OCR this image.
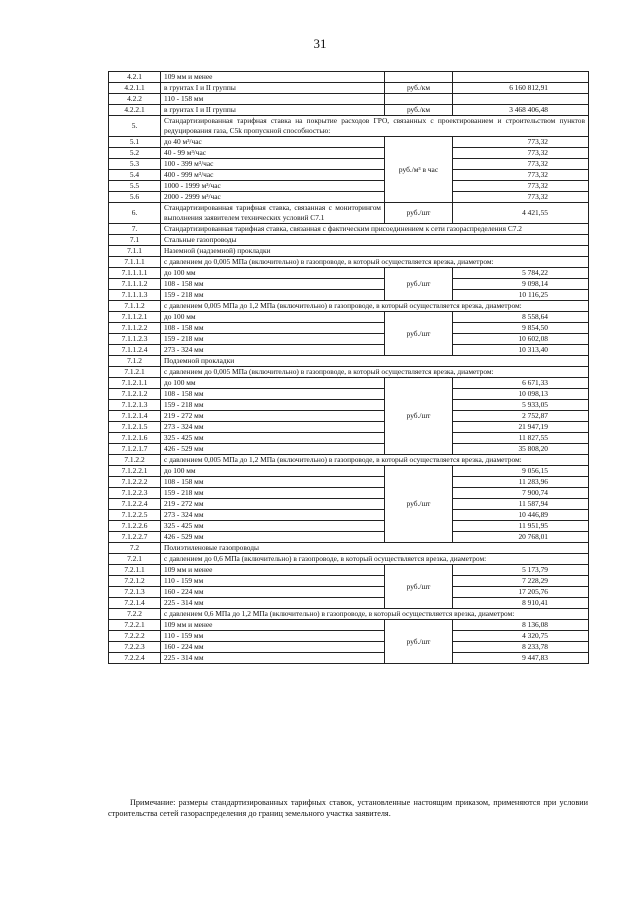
31
4.2.1	109 мм и менее		
4.2.1.1	в грунтах I и II группы	руб./км	6 160 812,91
4.2.2	110 - 158 мм		
4.2.2.1	в грунтах I и II группы	руб./км	3 468 406,48
5.	Стандартизированная тарифная ставка на покрытие расходов ГРО, связанных с проектированием и строительством пунктов редуцирования газа, C5k пропускной способностью:		
5.1	до 40 м³/час	руб./м³ в час	773,32
5.2	40 - 99 м³/час		773,32
5.3	100 - 399 м³/час		773,32
5.4	400 - 999 м³/час		773,32
5.5	1000 - 1999 м³/час		773,32
5.6	2000 - 2999 м³/час		773,32
6.	Стандартизированная тарифная ставка, связанная с мониторингом выполнения заявителем технических условий C7.1	руб./шт	4 421,55
7.	Стандартизированная тарифная ставка, связанная с фактическим присоединением к сети газораспределения C7.2		
7.1	Стальные газопроводы		
7.1.1	Наземной (надземной) прокладки		
7.1.1.1	с давлением до 0,005 МПа (включительно) в газопроводе, в который осуществляется врезка, диаметром:		
7.1.1.1.1	до 100 мм	руб./шт	5 784,22
7.1.1.1.2	108 - 158 мм		9 098,14
7.1.1.1.3	159 - 218 мм		10 116,25
7.1.1.2	с давлением 0,005 МПа до 1,2 МПа (включительно) в газопроводе, в который осуществляется врезка, диаметром:		
7.1.1.2.1	до 100 мм	руб./шт	8 558,64
7.1.1.2.2	108 - 158 мм		9 854,50
7.1.1.2.3	159 - 218 мм		10 602,08
7.1.1.2.4	273 - 324 мм		10 313,40
7.1.2	Подземной прокладки		
7.1.2.1	с давлением до 0,005 МПа (включительно) в газопроводе, в который осуществляется врезка, диаметром:		
7.1.2.1.1	до 100 мм	руб./шт	6 671,33
7.1.2.1.2	108 - 158 мм		10 098,13
7.1.2.1.3	159 - 218 мм		5 933,05
7.1.2.1.4	219 - 272 мм		2 752,87
7.1.2.1.5	273 - 324 мм		21 947,19
7.1.2.1.6	325 - 425 мм		11 827,55
7.1.2.1.7	426 - 529 мм		35 808,20
7.1.2.2	с давлением 0,005 МПа до 1,2 МПа (включительно) в газопроводе, в который осуществляется врезка, диаметром:		
7.1.2.2.1	до 100 мм	руб./шт	9 056,15
7.1.2.2.2	108 - 158 мм		11 283,96
7.1.2.2.3	159 - 218 мм		7 900,74
7.1.2.2.4	219 - 272 мм		11 587,94
7.1.2.2.5	273 - 324 мм		10 446,89
7.1.2.2.6	325 - 425 мм		11 951,95
7.1.2.2.7	426 - 529 мм		20 768,01
7.2	Полиэтиленовые газопроводы		
7.2.1	с давлением до 0,6 МПа (включительно) в газопроводе, в который осуществляется врезка, диаметром:		
7.2.1.1	109 мм и менее	руб./шт	5 173,79
7.2.1.2	110 - 159 мм		7 228,29
7.2.1.3	160 - 224 мм		17 205,76
7.2.1.4	225 - 314 мм		8 910,41
7.2.2	с давлением 0,6 МПа до 1,2 МПа (включительно) в газопроводе, в который осуществляется врезка, диаметром:		
7.2.2.1	109 мм и менее	руб./шт	8 136,08
7.2.2.2	110 - 159 мм		4 320,75
7.2.2.3	160 - 224 мм		8 233,78
7.2.2.4	225 - 314 мм		9 447,83
Примечание: размеры стандартизированных тарифных ставок, установленные настоящим приказом, применяются при условии строительства сетей газораспределения до границ земельного участка заявителя.
